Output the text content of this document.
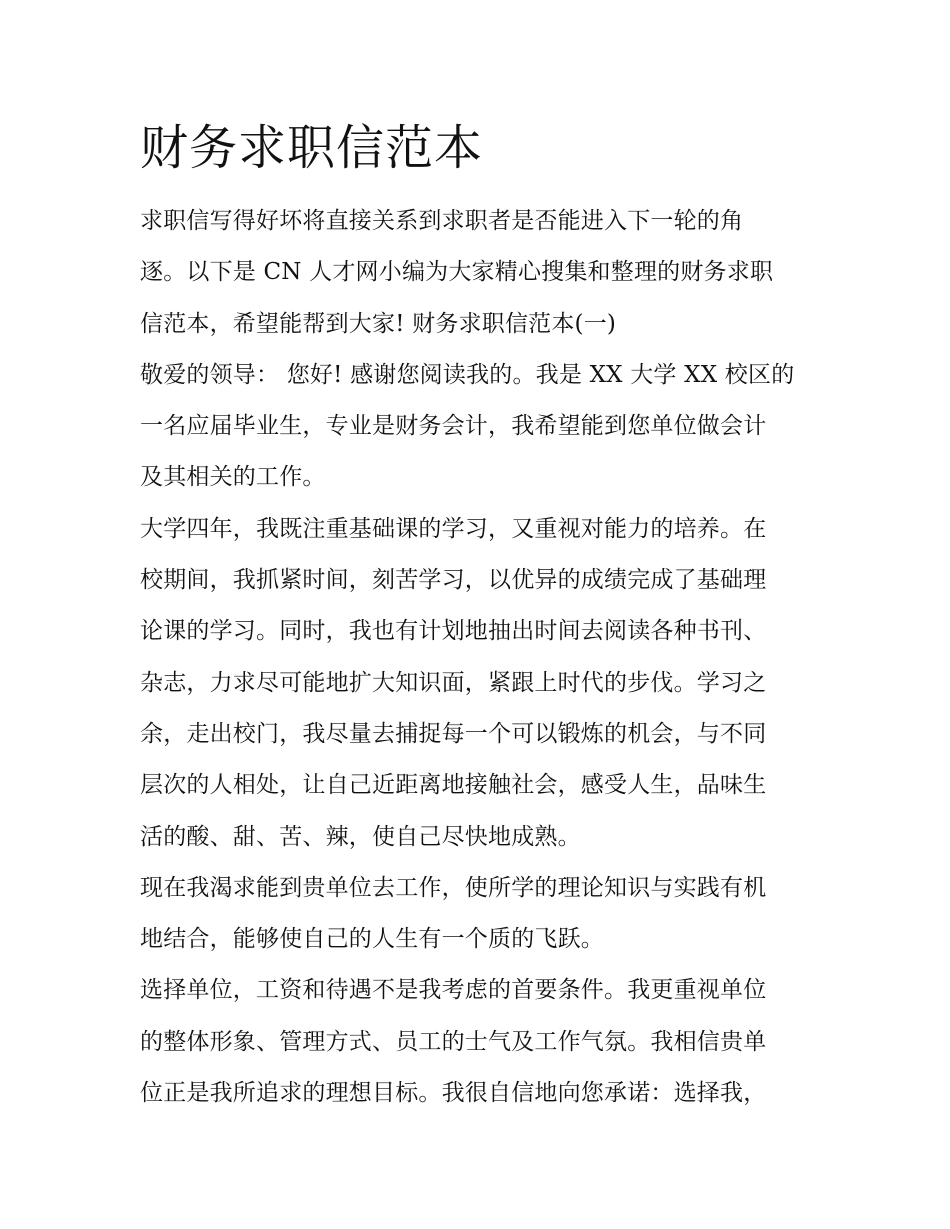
财务求职信范本
求职信写得好坏将直接关系到求职者是否能进入下一轮的角
逐。以下是 CN 人才网小编为大家精心搜集和整理的财务求职
信范本，希望能帮到大家! 财务求职信范本(一)
敬爱的领导： 您好! 感谢您阅读我的。我是 XX 大学 XX 校区的
一名应届毕业生，专业是财务会计，我希望能到您单位做会计
及其相关的工作。
大学四年，我既注重基础课的学习，又重视对能力的培养。在
校期间，我抓紧时间，刻苦学习，以优异的成绩完成了基础理
论课的学习。同时，我也有计划地抽出时间去阅读各种书刊、
杂志，力求尽可能地扩大知识面，紧跟上时代的步伐。学习之
余，走出校门，我尽量去捕捉每一个可以锻炼的机会，与不同
层次的人相处，让自己近距离地接触社会，感受人生，品味生
活的酸、甜、苦、辣，使自己尽快地成熟。
现在我渴求能到贵单位去工作，使所学的理论知识与实践有机
地结合，能够使自己的人生有一个质的飞跃。
选择单位，工资和待遇不是我考虑的首要条件。我更重视单位
的整体形象、管理方式、员工的士气及工作气氛。我相信贵单
位正是我所追求的理想目标。我很自信地向您承诺：选择我，
